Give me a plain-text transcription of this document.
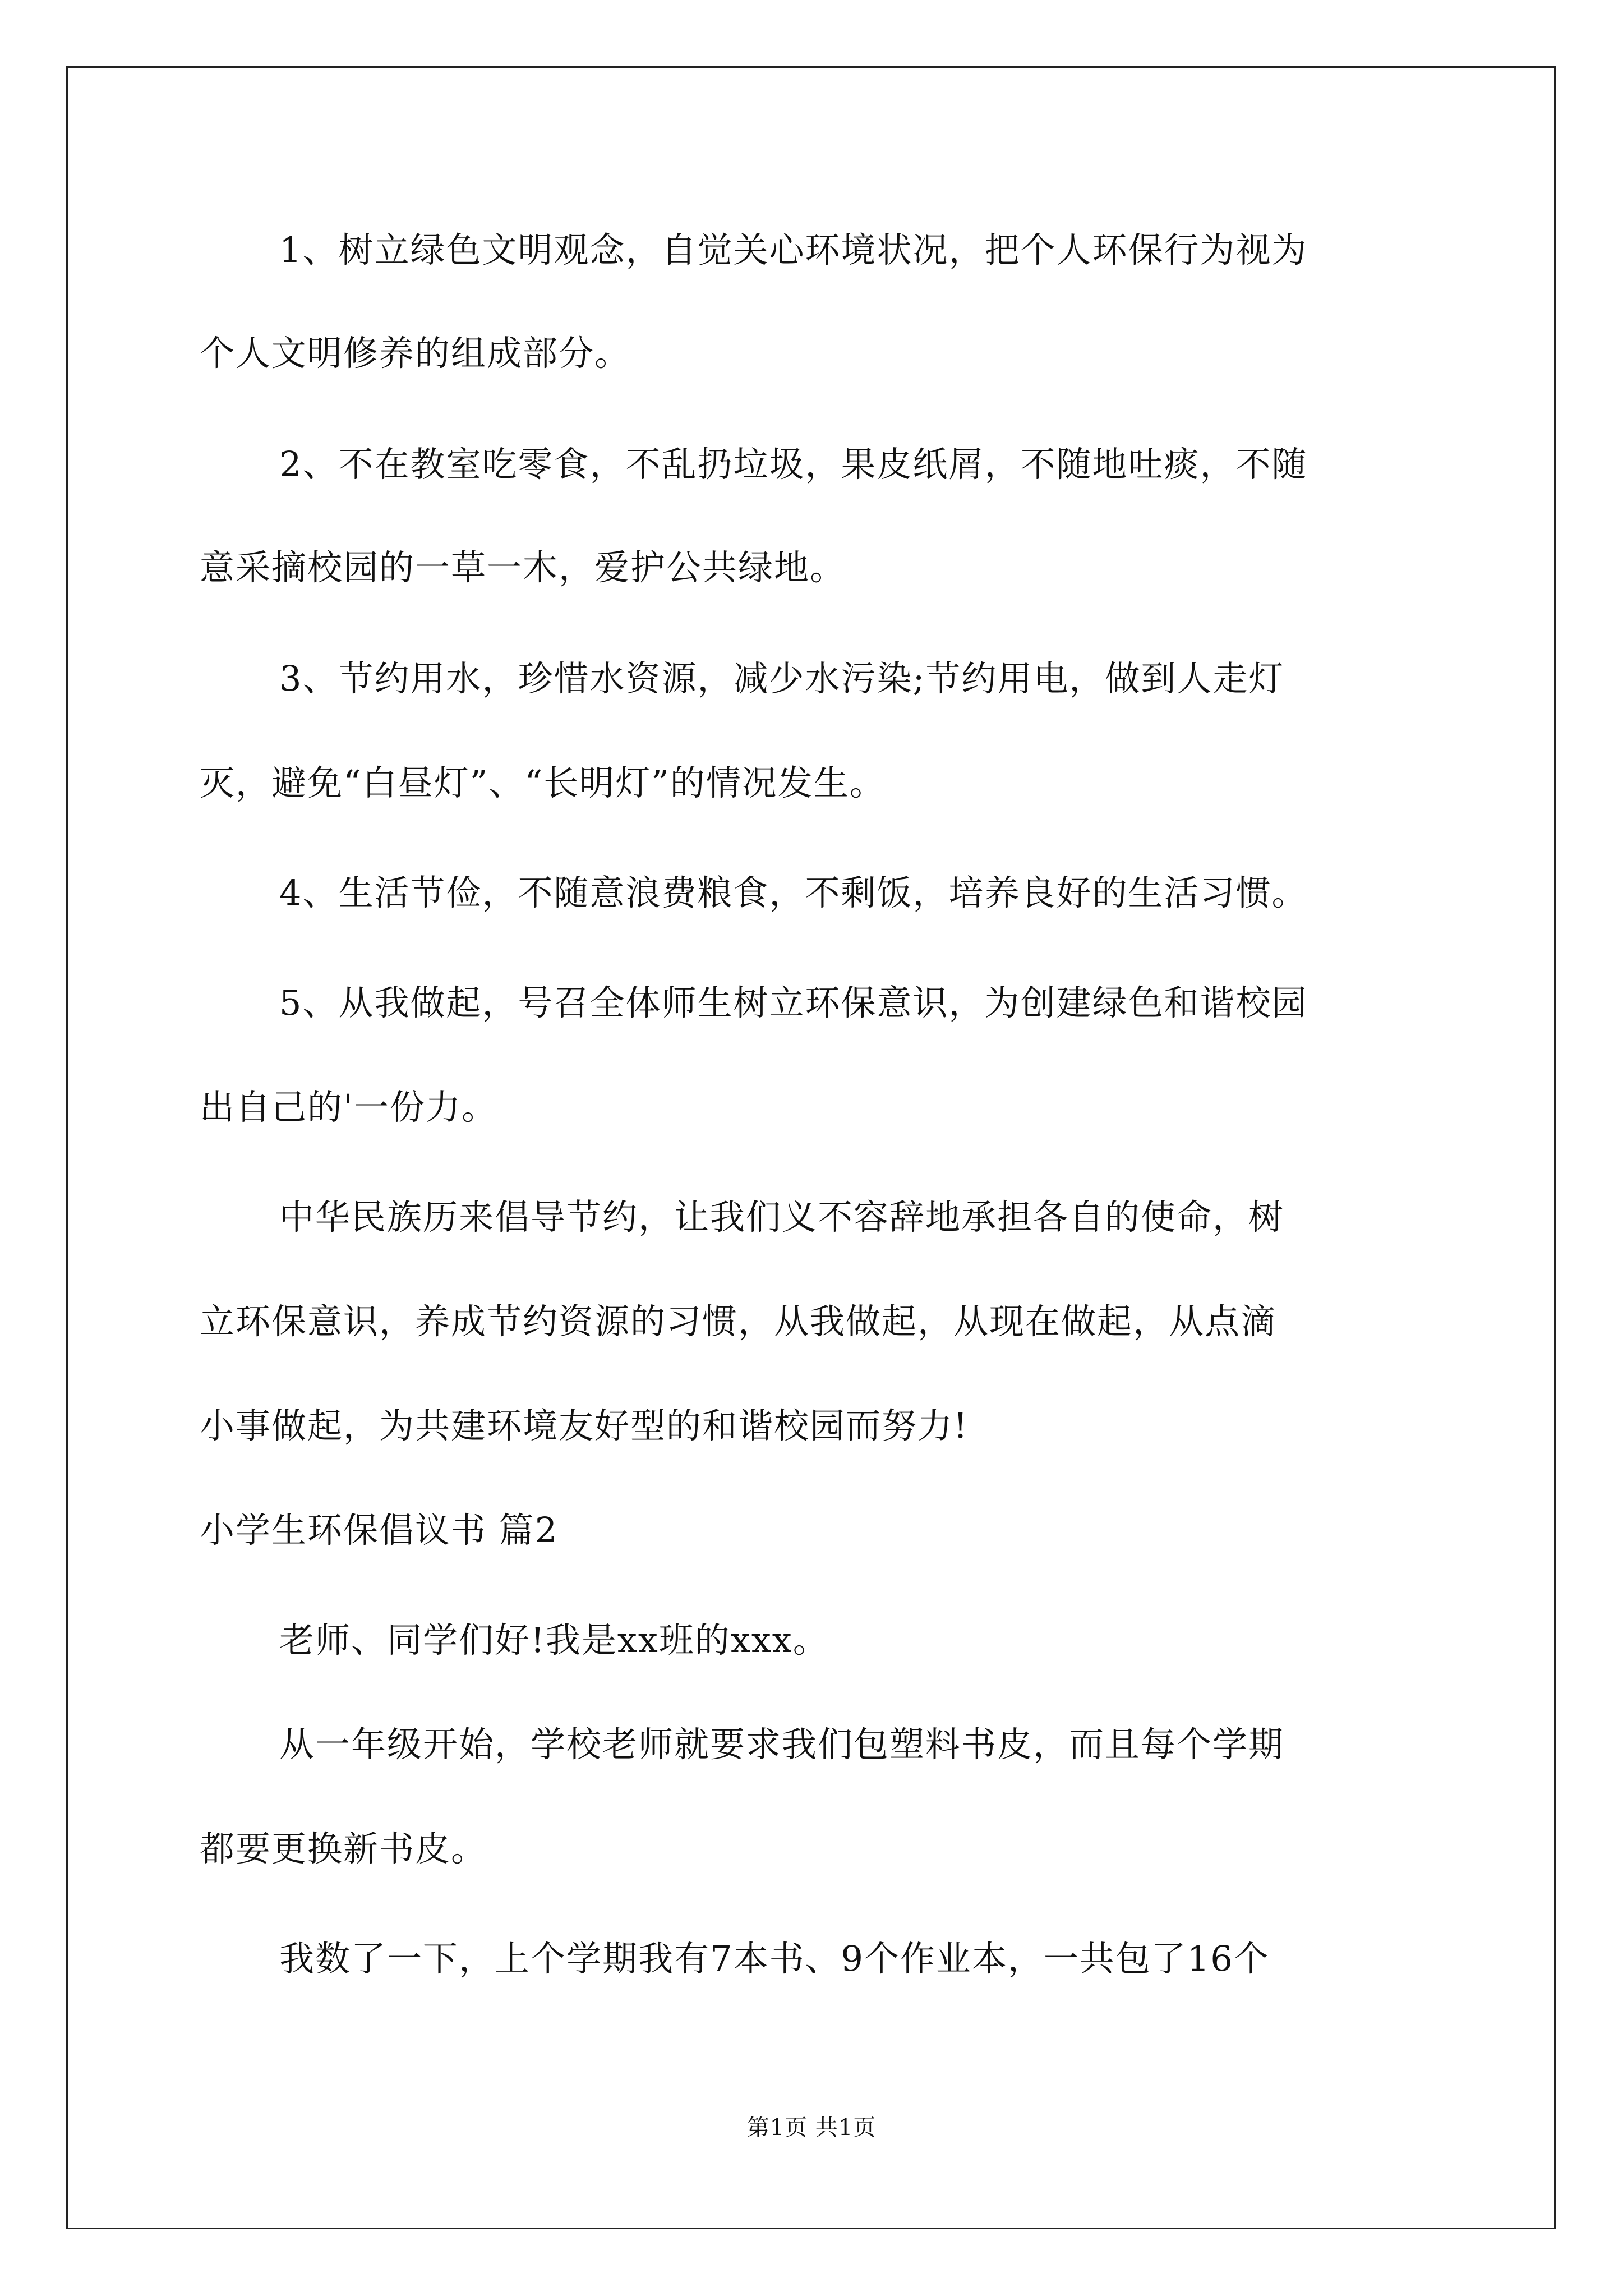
1、树立绿色文明观念，自觉关心环境状况，把个人环保行为视为
个人文明修养的组成部分。
2、不在教室吃零食，不乱扔垃圾，果皮纸屑，不随地吐痰，不随
意采摘校园的一草一木，爱护公共绿地。
3、节约用水，珍惜水资源，减少水污染;节约用电，做到人走灯
灭，避免“白昼灯”、“长明灯”的情况发生。
4、生活节俭，不随意浪费粮食，不剩饭，培养良好的生活习惯。
5、从我做起，号召全体师生树立环保意识，为创建绿色和谐校园
出自己的'一份力。
中华民族历来倡导节约，让我们义不容辞地承担各自的使命，树
立环保意识，养成节约资源的习惯，从我做起，从现在做起，从点滴
小事做起，为共建环境友好型的和谐校园而努力!
小学生环保倡议书 篇2
老师、同学们好!我是xx班的xxx。
从一年级开始，学校老师就要求我们包塑料书皮，而且每个学期
都要更换新书皮。
我数了一下，上个学期我有7本书、9个作业本，一共包了16个
第1页 共1页
